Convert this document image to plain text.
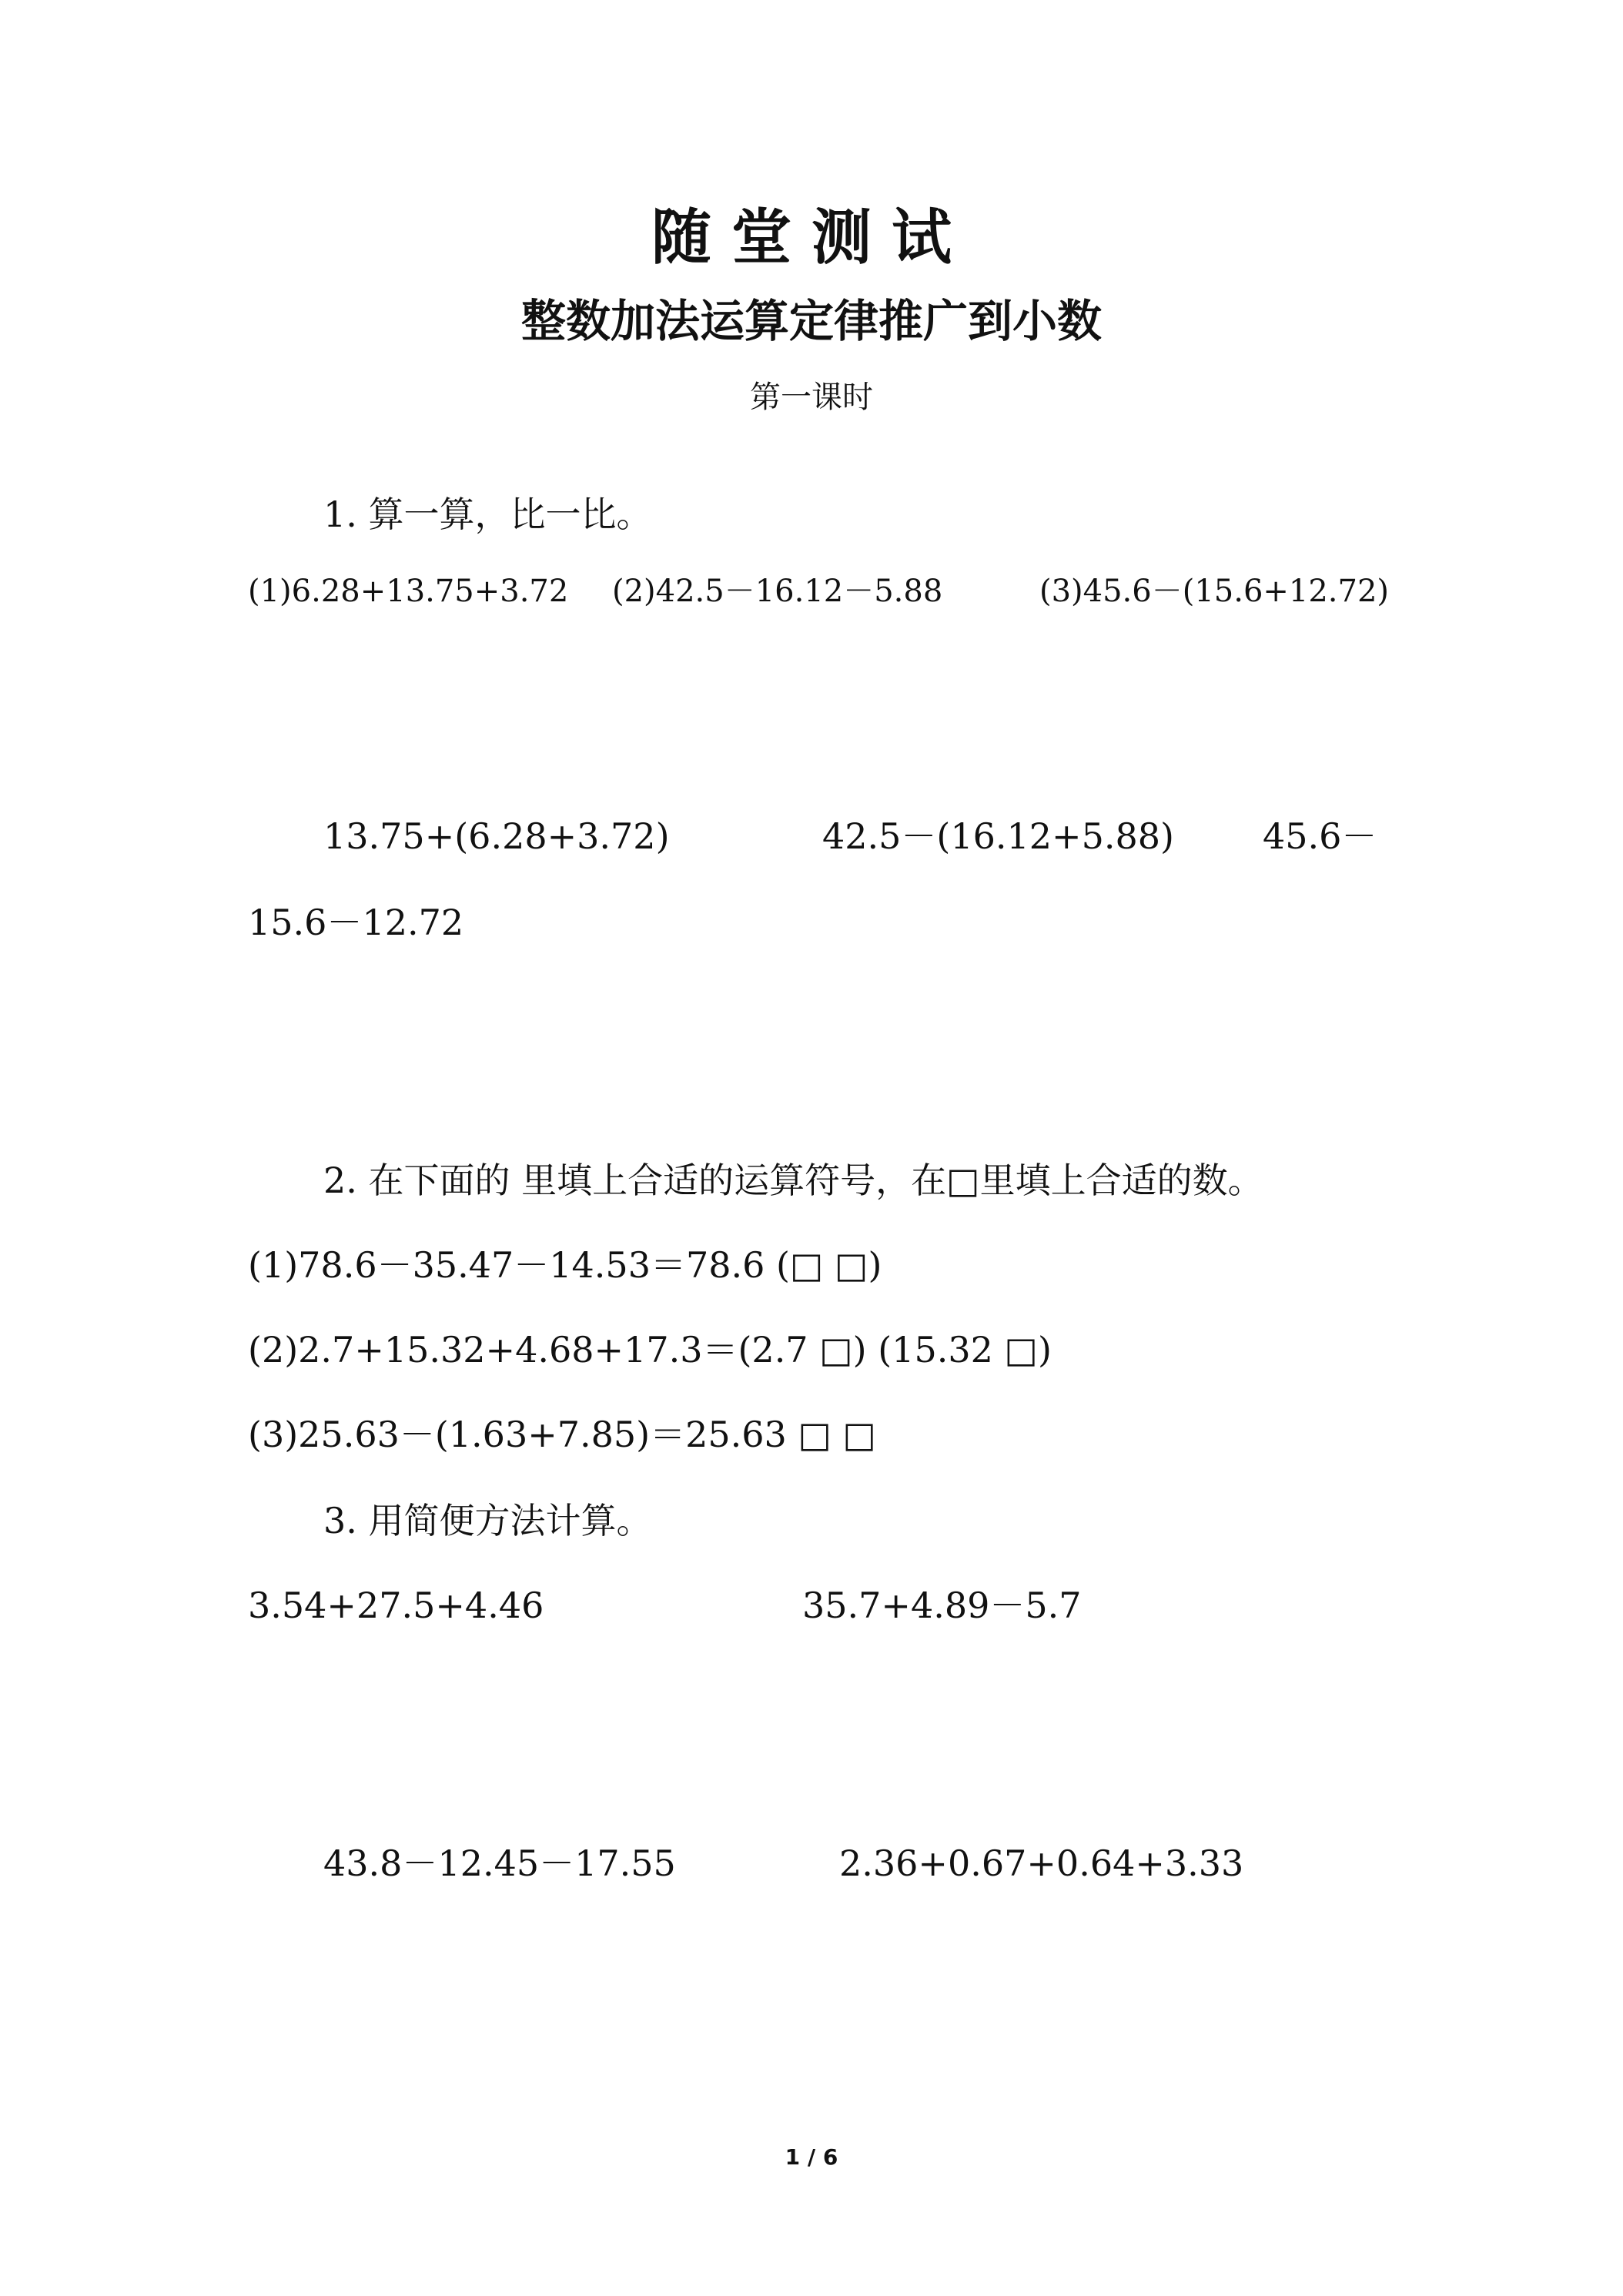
随堂测试
整数加法运算定律推广到小数
第一课时
1. 算一算，比一比。
(1)6.28+13.75+3.72 (2)42.5－16.12－5.88	(3)45.6－(15.6+12.72)
13.75+(6.28+3.72)	42.5－(16.12+5.88)	45.6－
15.6－12.72
2. 在下面的 里填上合适的运算符号，在□里填上合适的数。
(1)78.6－35.47－14.53＝78.6 (□ □)
(2)2.7+15.32+4.68+17.3＝(2.7 □) (15.32 □)
(3)25.63－(1.63+7.85)＝25.63 □ □
3. 用简便方法计算。
3.54+27.5+4.46	35.7+4.89－5.7
43.8－12.45－17.55	2.36+0.67+0.64+3.33
1 / 6
